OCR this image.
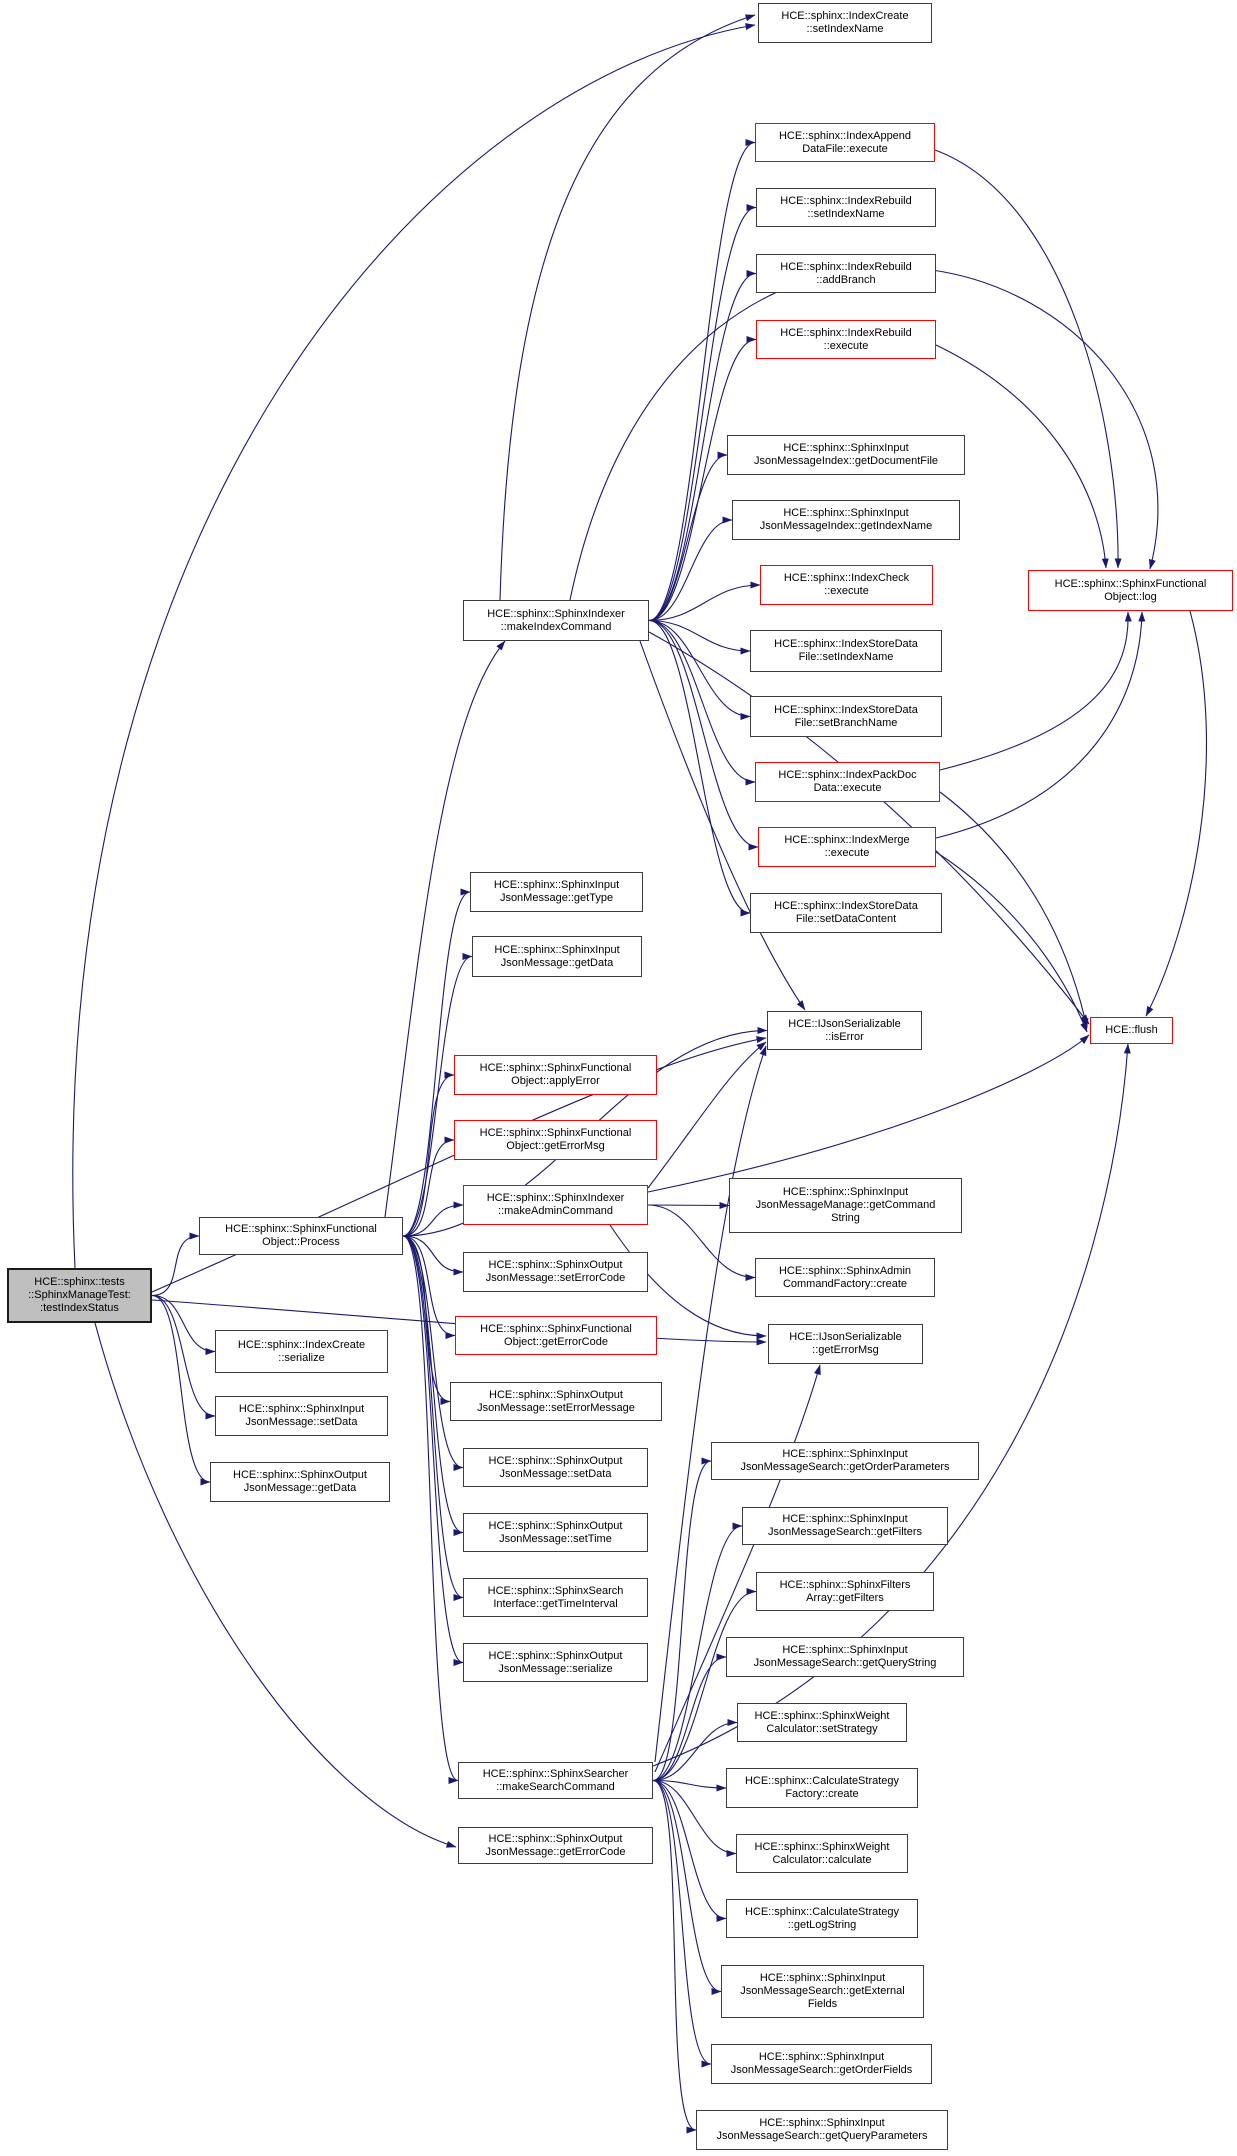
HCE::sphinx::tests
::SphinxManageTest:
:testIndexStatus
HCE::sphinx::SphinxFunctional
Object::Process
HCE::sphinx::IndexCreate
::serialize
HCE::sphinx::SphinxInput
JsonMessage::setData
HCE::sphinx::SphinxOutput
JsonMessage::getData
HCE::sphinx::SphinxIndexer
::makeIndexCommand
HCE::sphinx::SphinxInput
JsonMessage::getType
HCE::sphinx::SphinxInput
JsonMessage::getData
HCE::sphinx::SphinxFunctional
Object::applyError
HCE::sphinx::SphinxFunctional
Object::getErrorMsg
HCE::sphinx::SphinxIndexer
::makeAdminCommand
HCE::sphinx::SphinxOutput
JsonMessage::setErrorCode
HCE::sphinx::SphinxFunctional
Object::getErrorCode
HCE::sphinx::SphinxOutput
JsonMessage::setErrorMessage
HCE::sphinx::SphinxOutput
JsonMessage::setData
HCE::sphinx::SphinxOutput
JsonMessage::setTime
HCE::sphinx::SphinxSearch
Interface::getTimeInterval
HCE::sphinx::SphinxOutput
JsonMessage::serialize
HCE::sphinx::SphinxSearcher
::makeSearchCommand
HCE::sphinx::SphinxOutput
JsonMessage::getErrorCode
HCE::sphinx::IndexCreate
::setIndexName
HCE::sphinx::IndexAppend
DataFile::execute
HCE::sphinx::IndexRebuild
::setIndexName
HCE::sphinx::IndexRebuild
::addBranch
HCE::sphinx::IndexRebuild
::execute
HCE::sphinx::SphinxInput
JsonMessageIndex::getDocumentFile
HCE::sphinx::SphinxInput
JsonMessageIndex::getIndexName
HCE::sphinx::IndexCheck
::execute
HCE::sphinx::IndexStoreData
File::setIndexName
HCE::sphinx::IndexStoreData
File::setBranchName
HCE::sphinx::IndexPackDoc
Data::execute
HCE::sphinx::IndexMerge
::execute
HCE::sphinx::IndexStoreData
File::setDataContent
HCE::IJsonSerializable
::isError
HCE::sphinx::SphinxInput
JsonMessageManage::getCommand
String
HCE::sphinx::SphinxAdmin
CommandFactory::create
HCE::IJsonSerializable
::getErrorMsg
HCE::sphinx::SphinxFunctional
Object::log
HCE::flush
HCE::sphinx::SphinxInput
JsonMessageSearch::getOrderParameters
HCE::sphinx::SphinxInput
JsonMessageSearch::getFilters
HCE::sphinx::SphinxFilters
Array::getFilters
HCE::sphinx::SphinxInput
JsonMessageSearch::getQueryString
HCE::sphinx::SphinxWeight
Calculator::setStrategy
HCE::sphinx::CalculateStrategy
Factory::create
HCE::sphinx::SphinxWeight
Calculator::calculate
HCE::sphinx::CalculateStrategy
::getLogString
HCE::sphinx::SphinxInput
JsonMessageSearch::getExternal
Fields
HCE::sphinx::SphinxInput
JsonMessageSearch::getOrderFields
HCE::sphinx::SphinxInput
JsonMessageSearch::getQueryParameters
